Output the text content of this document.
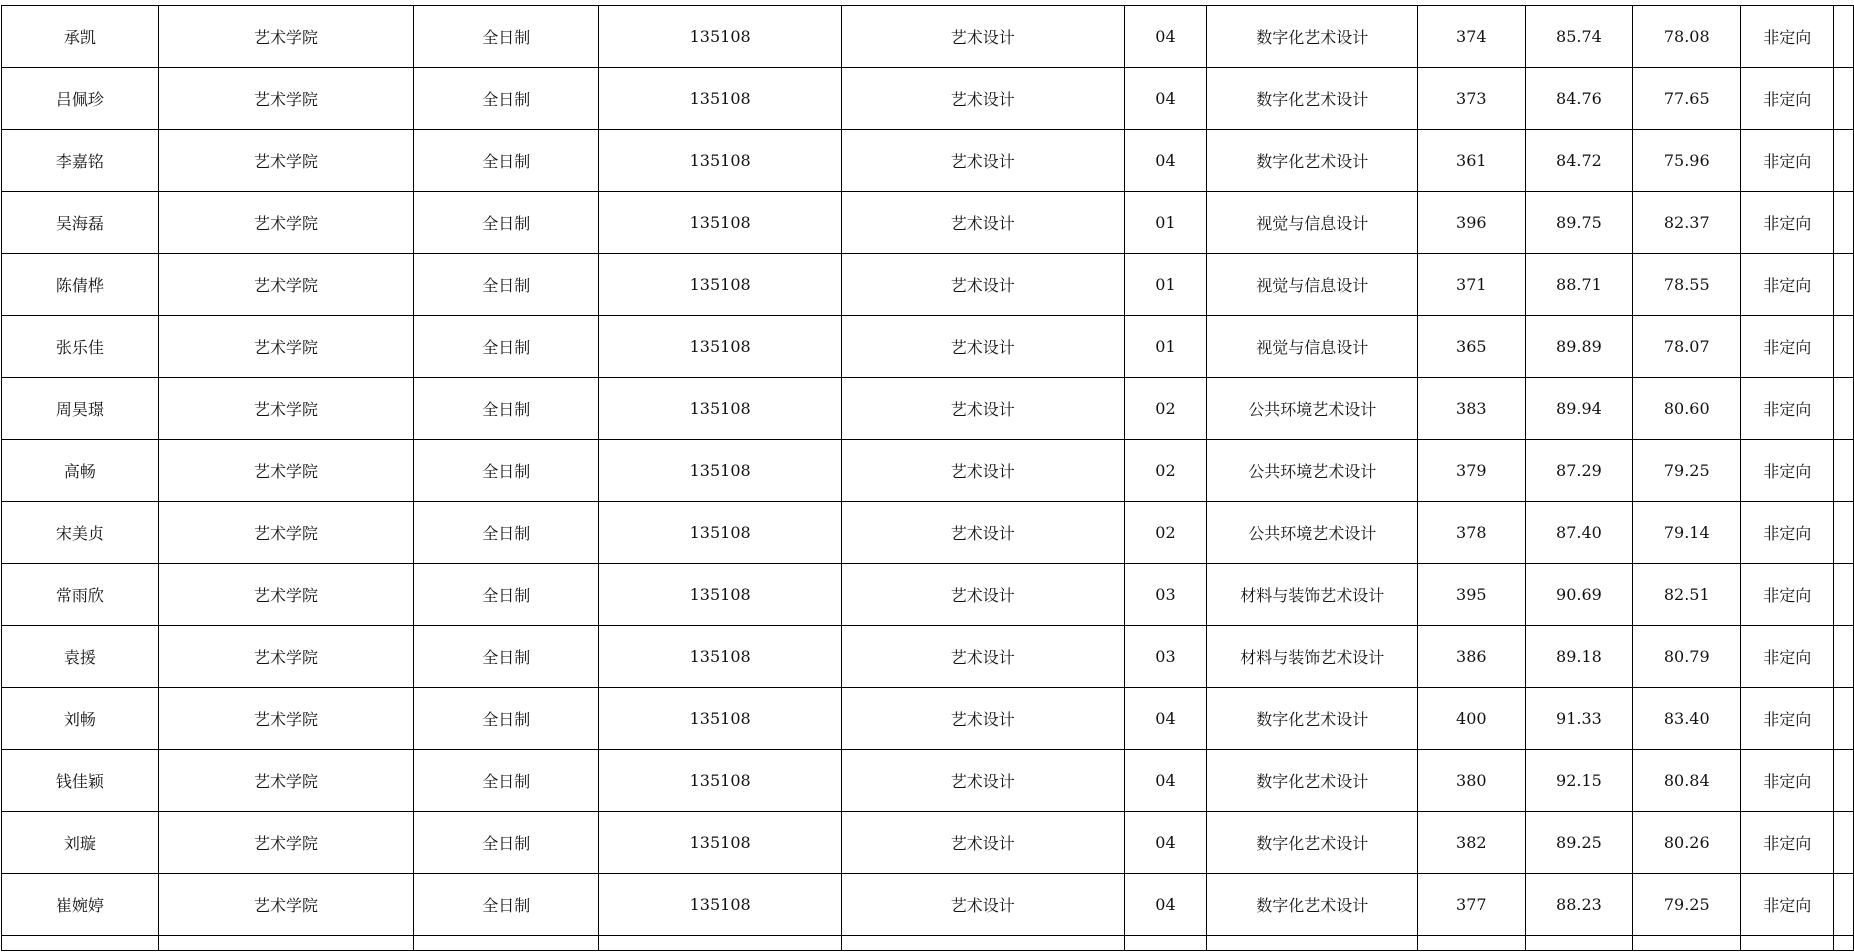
承凯	艺术学院	全日制	135108	艺术设计	04	数字化艺术设计	374	85.74	78.08	非定向	
吕佩珍	艺术学院	全日制	135108	艺术设计	04	数字化艺术设计	373	84.76	77.65	非定向	
李嘉铭	艺术学院	全日制	135108	艺术设计	04	数字化艺术设计	361	84.72	75.96	非定向	
吴海磊	艺术学院	全日制	135108	艺术设计	01	视觉与信息设计	396	89.75	82.37	非定向	
陈倩桦	艺术学院	全日制	135108	艺术设计	01	视觉与信息设计	371	88.71	78.55	非定向	
张乐佳	艺术学院	全日制	135108	艺术设计	01	视觉与信息设计	365	89.89	78.07	非定向	
周昊璟	艺术学院	全日制	135108	艺术设计	02	公共环境艺术设计	383	89.94	80.60	非定向	
高畅	艺术学院	全日制	135108	艺术设计	02	公共环境艺术设计	379	87.29	79.25	非定向	
宋美贞	艺术学院	全日制	135108	艺术设计	02	公共环境艺术设计	378	87.40	79.14	非定向	
常雨欣	艺术学院	全日制	135108	艺术设计	03	材料与装饰艺术设计	395	90.69	82.51	非定向	
袁援	艺术学院	全日制	135108	艺术设计	03	材料与装饰艺术设计	386	89.18	80.79	非定向	
刘畅	艺术学院	全日制	135108	艺术设计	04	数字化艺术设计	400	91.33	83.40	非定向	
钱佳颖	艺术学院	全日制	135108	艺术设计	04	数字化艺术设计	380	92.15	80.84	非定向	
刘璇	艺术学院	全日制	135108	艺术设计	04	数字化艺术设计	382	89.25	80.26	非定向	
崔婉婷	艺术学院	全日制	135108	艺术设计	04	数字化艺术设计	377	88.23	79.25	非定向	
